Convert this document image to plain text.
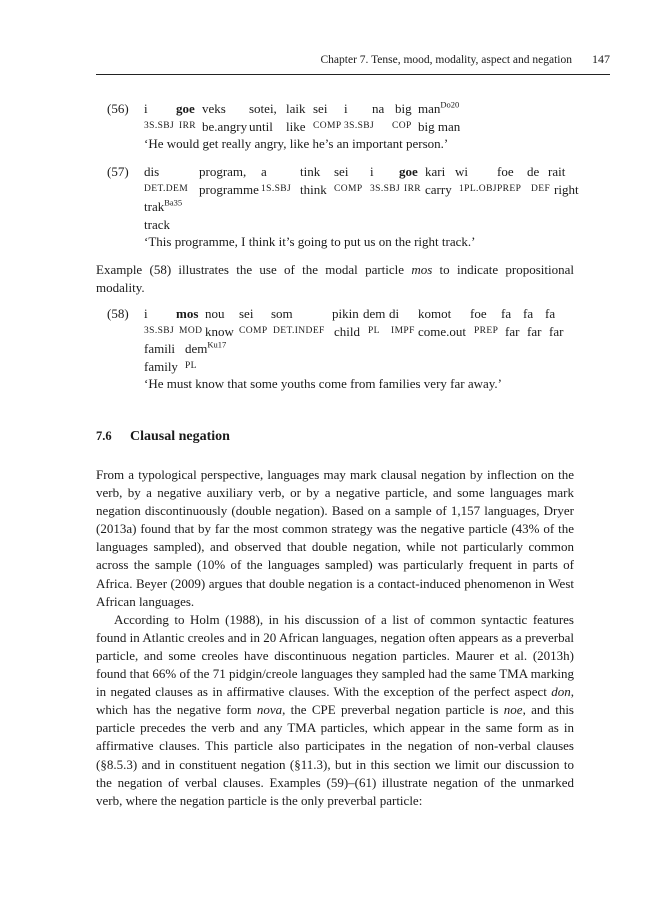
Chapter 7. Tense, mood, modality, aspect and negation 147
(56) i goe veks sotei, laik sei i na big man$^{Do20}$
3S.SBJ IRR be.angry until like COMP 3S.SBJ COP big man
‘He would get really angry, like he’s an important person.’
(57) dis	program, a	tink sei i goe kari wi foe de rait
DET.DEM programme 1S.SBJ think COMP 3S.SBJ IRR carry 1PL.OBJ PREP DEF right
trak$^{Ba35}$
track
‘This programme, I think it’s going to put us on the right track.’

Example (58) illustrates the use of the modal particle mos to indicate propositional modality.

(58) i mos nou sei som	pikin dem di komot foe fa fa fa
3S.SBJ MOD know COMP DET.INDEF child PL IMPF come.out PREP far far far
famili dem$^{Ku17}$
family PL
‘He must know that some youths come from families very far away.’
7.6 Clausal negation

From a typological perspective, languages may mark clausal negation by inflection on the verb, by a negative auxiliary verb, or by a negative particle, and some languages mark negation discontinuously (double negation). Based on a sample of 1,157 languages, Dryer (2013a) found that by far the most common strategy was the negative particle (43% of the languages sampled), and observed that double negation, while not particularly common across the sample (10% of the languages sampled) was particularly frequent in parts of Africa. Beyer (2009) argues that double negation is a contact-induced phenomenon in West African languages.

According to Holm (1988), in his discussion of a list of common syntactic features found in Atlantic creoles and in 20 African languages, negation often appears as a preverbal particle, and some creoles have discontinuous negation particles. Maurer et al. (2013h) found that 66% of the 71 pidgin/creole languages they sampled had the same TMA marking in negated clauses as in affirmative clauses. With the exception of the perfect aspect don, which has the negative form nova, the CPE preverbal negation particle is noe, and this particle precedes the verb and any TMA particles, which appear in the same form as in affirmative clauses. This particle also participates in the negation of non-verbal clauses (§8.5.3) and in constituent negation (§11.3), but in this section we limit our discussion to the negation of verbal clauses. Examples (59)–(61) illustrate negation of the unmarked verb, where the negation particle is the only preverbal particle:
